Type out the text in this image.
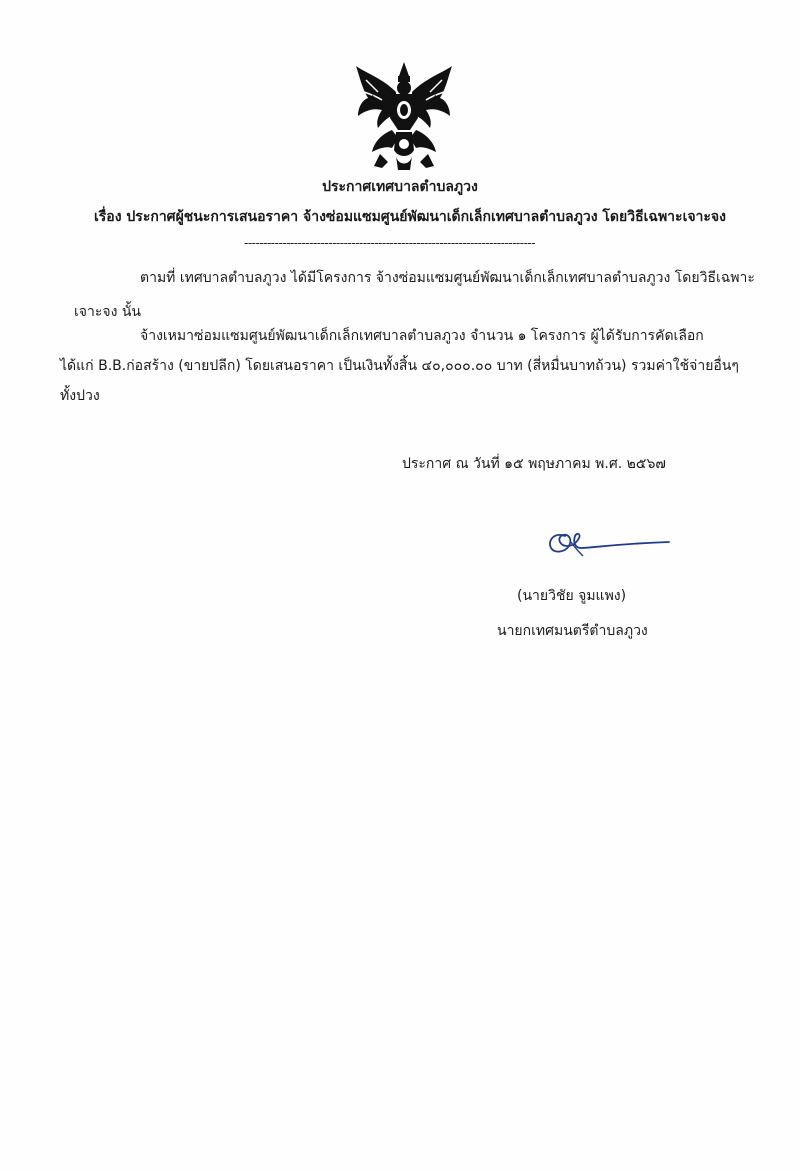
ประกาศเทศบาลตำบลภูวง
เรื่อง ประกาศผู้ชนะการเสนอราคา จ้างซ่อมแซมศูนย์พัฒนาเด็กเล็กเทศบาลตำบลภูวง โดยวิธีเฉพาะเจาะจง
----------------------------------------------------------------------------
ตามที่ เทศบาลตำบลภูวง ได้มีโครงการ จ้างซ่อมแซมศูนย์พัฒนาเด็กเล็กเทศบาลตำบลภูวง โดยวิธีเฉพาะ
เจาะจง นั้น
จ้างเหมาซ่อมแซมศูนย์พัฒนาเด็กเล็กเทศบาลตำบลภูวง จำนวน ๑ โครงการ ผู้ได้รับการคัดเลือก
ได้แก่ B.B.ก่อสร้าง (ขายปลีก) โดยเสนอราคา เป็นเงินทั้งสิ้น ๔๐,๐๐๐.๐๐ บาท (สี่หมื่นบาทถ้วน) รวมค่าใช้จ่ายอื่นๆ
ทั้งปวง
ประกาศ ณ วันที่ ๑๕ พฤษภาคม พ.ศ. ๒๕๖๗
(นายวิชัย จูมแพง)
นายกเทศมนตรีตำบลภูวง
